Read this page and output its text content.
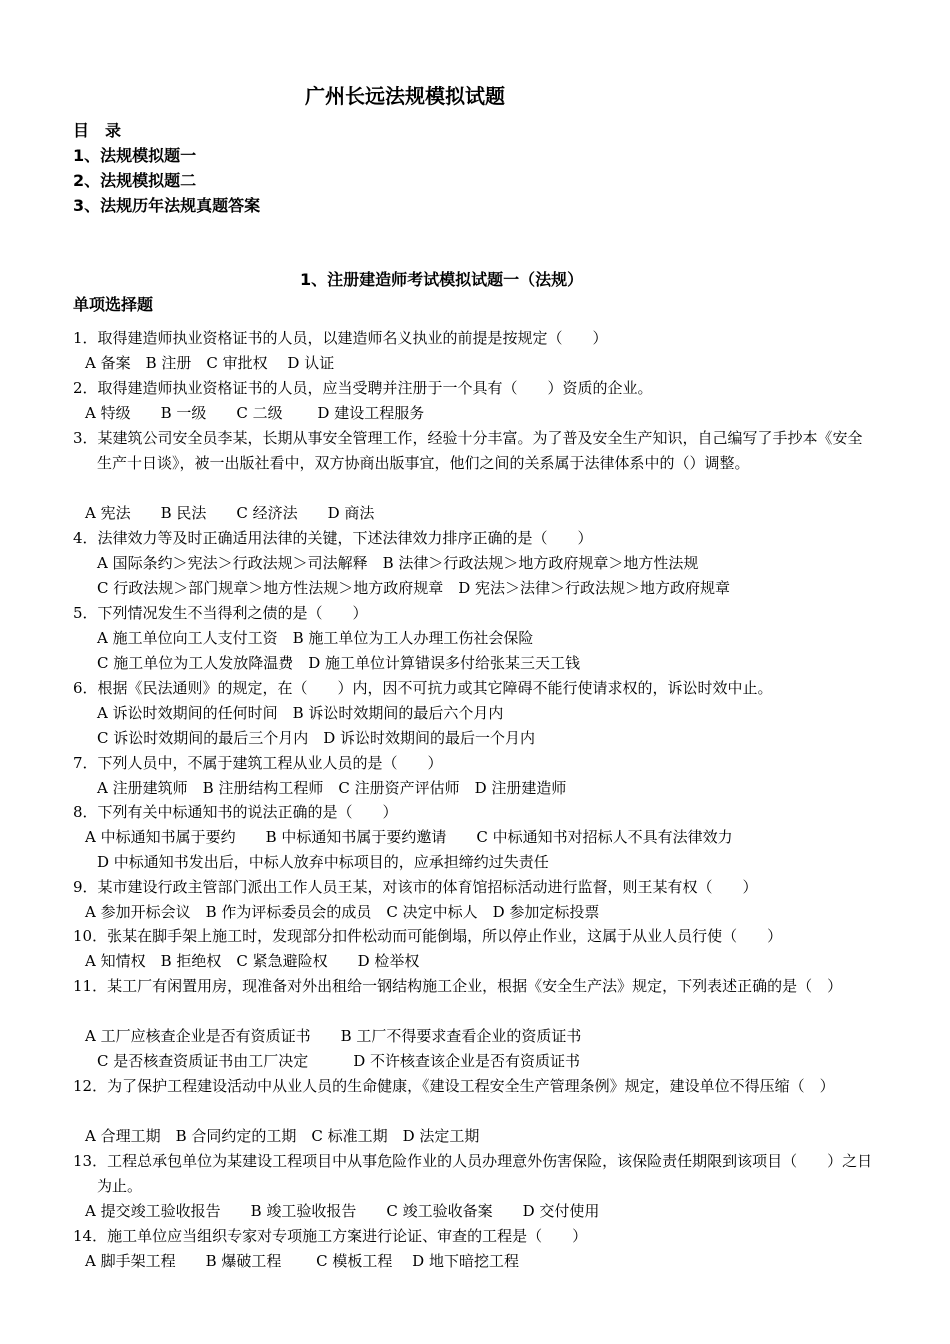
广州长远法规模拟试题
目　录
1、法规模拟题一
2、法规模拟题二
3、法规历年法规真题答案
1、注册建造师考试模拟试题一（法规）
单项选择题
1．取得建造师执业资格证书的人员，以建造师名义执业的前提是按规定（　　）
A 备案　B 注册　C 审批权　 D 认证
2．取得建造师执业资格证书的人员，应当受聘并注册于一个具有（　　）资质的企业。
A 特级　　B 一级　　C 二级　　 D 建设工程服务
3．某建筑公司安全员李某，长期从事安全管理工作，经验十分丰富。为了普及安全生产知识，自己编写了手抄本《安全生产十日谈》，被一出版社看中，双方协商出版事宜，他们之间的关系属于法律体系中的（）调整。
A 宪法　　B 民法　　C 经济法　　D 商法
4．法律效力等及时正确适用法律的关键，下述法律效力排序正确的是（　　）
A 国际条约＞宪法＞行政法规＞司法解释　B 法律＞行政法规＞地方政府规章＞地方性法规
C 行政法规＞部门规章＞地方性法规＞地方政府规章　D 宪法＞法律＞行政法规＞地方政府规章
5．下列情况发生不当得利之债的是（　　）
A 施工单位向工人支付工资　B 施工单位为工人办理工伤社会保险
C 施工单位为工人发放降温费　D 施工单位计算错误多付给张某三天工钱
6．根据《民法通则》的规定，在（　　）内，因不可抗力或其它障碍不能行使请求权的，诉讼时效中止。
A 诉讼时效期间的任何时间　B 诉讼时效期间的最后六个月内
C 诉讼时效期间的最后三个月内　D 诉讼时效期间的最后一个月内
7．下列人员中，不属于建筑工程从业人员的是（　　）
A 注册建筑师　B 注册结构工程师　C 注册资产评估师　D 注册建造师
8．下列有关中标通知书的说法正确的是（　　）
A 中标通知书属于要约　　B 中标通知书属于要约邀请　　C 中标通知书对招标人不具有法律效力
D 中标通知书发出后，中标人放弃中标项目的，应承担缔约过失责任
9．某市建设行政主管部门派出工作人员王某，对该市的体育馆招标活动进行监督，则王某有权（　　）
A 参加开标会议　B 作为评标委员会的成员　C 决定中标人　D 参加定标投票
10．张某在脚手架上施工时，发现部分扣件松动而可能倒塌，所以停止作业，这属于从业人员行使（　　）
A 知情权　B 拒绝权　C 紧急避险权　　D 检举权
11．某工厂有闲置用房，现准备对外出租给一钢结构施工企业，根据《安全生产法》规定，下列表述正确的是（　）
A 工厂应核查企业是否有资质证书　　B 工厂不得要求查看企业的资质证书
C 是否核查资质证书由工厂决定　　　D 不许核查该企业是否有资质证书
12．为了保护工程建设活动中从业人员的生命健康，《建设工程安全生产管理条例》规定，建设单位不得压缩（　）
A 合理工期　B 合同约定的工期　C 标准工期　D 法定工期
13．工程总承包单位为某建设工程项目中从事危险作业的人员办理意外伤害保险，该保险责任期限到该项目（　　）之日为止。
A 提交竣工验收报告　　B 竣工验收报告　　C 竣工验收备案　　D 交付使用
14．施工单位应当组织专家对专项施工方案进行论证、审查的工程是（　　）
A 脚手架工程　　B 爆破工程　　 C 模板工程　 D 地下暗挖工程
